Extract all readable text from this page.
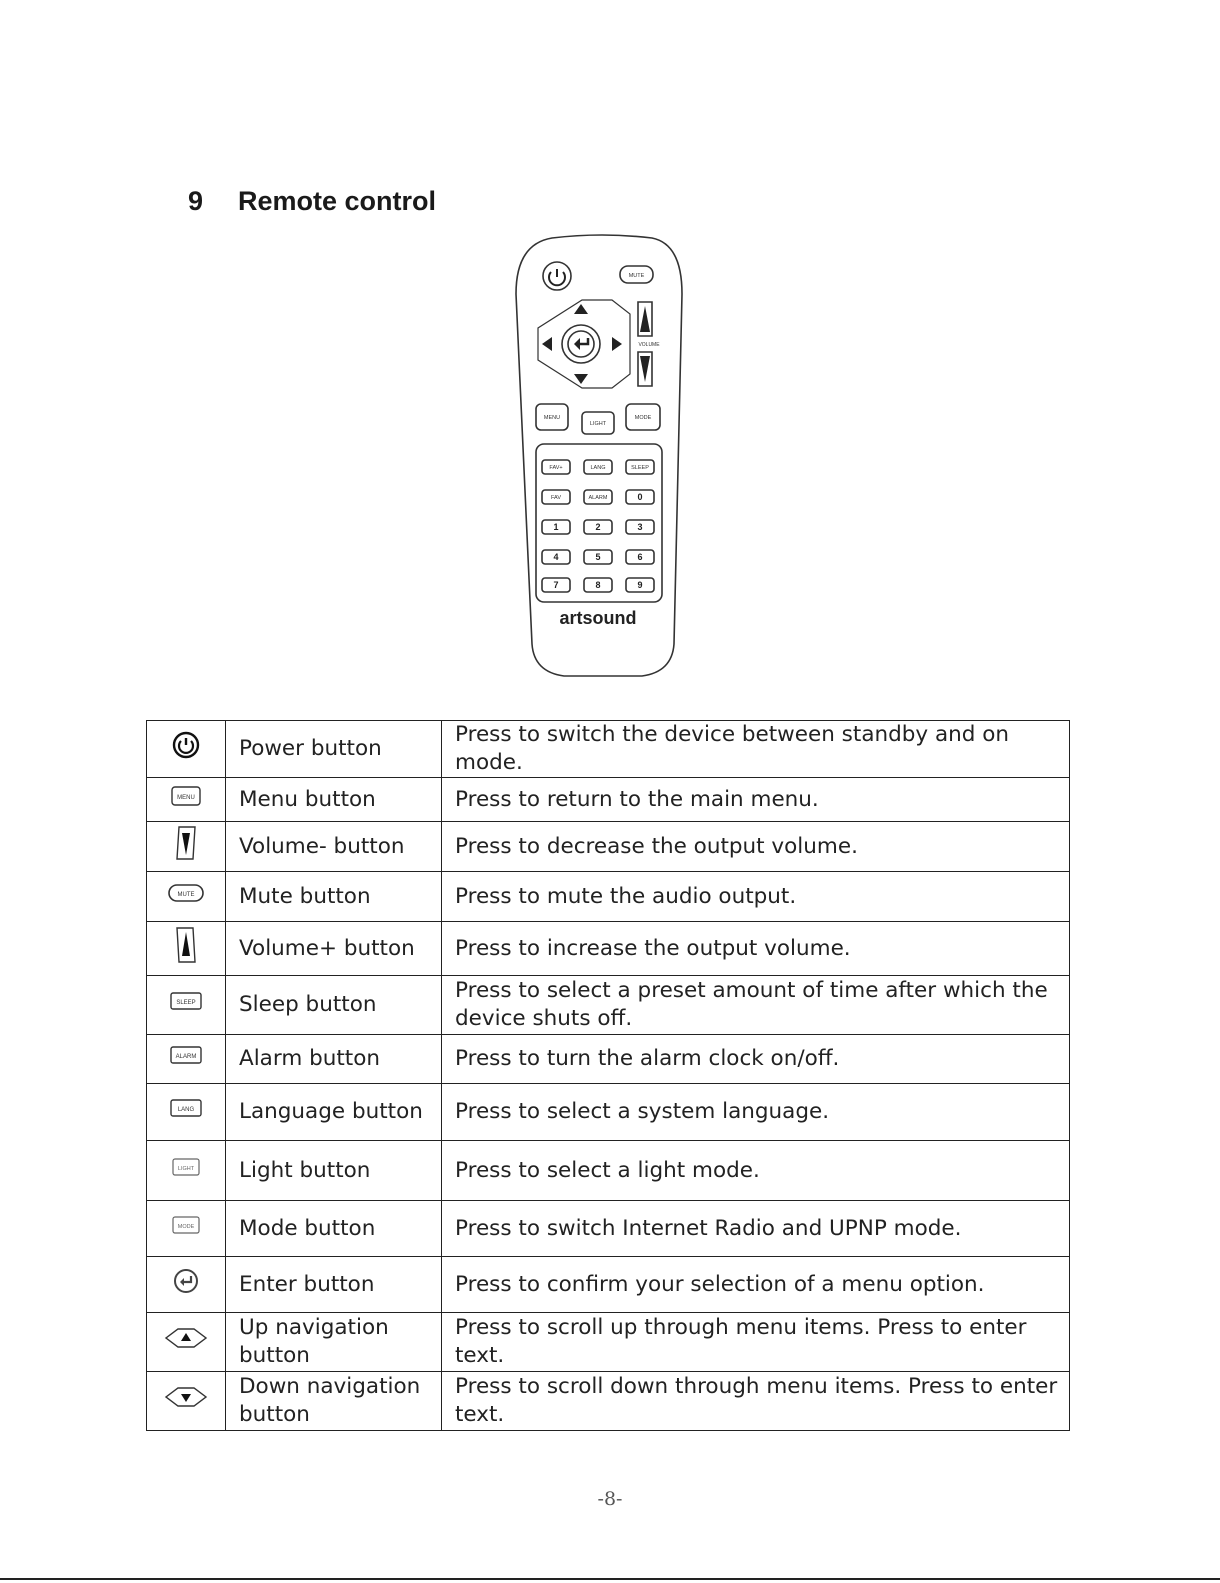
9 Remote control
MUTE
VOLUME
MENU
LIGHT
MODE
FAV+	LANG	SLEEP
FAV	ALARM	0
1	2	3
4	5	6
7	8	9
artsound
	Power button	Press to switch the device between standby and on mode.

MENU	Menu button	Press to return to the main menu.
	Volume- button	Press to decrease the output volume.

MUTE	Mute button	Press to mute the audio output.
	Volume+ button	Press to increase the output volume.

SLEEP	Sleep button	Press to select a preset amount of time after which the device shuts off.

ALARM	Alarm button	Press to turn the alarm clock on/off.

LANG	Language button	Press to select a system language.

LIGHT	Light button	Press to select a light mode.

MODE	Mode button	Press to switch Internet Radio and UPNP mode.
	Enter button	Press to confirm your selection of a menu option.
	Up navigation button	Press to scroll up through menu items. Press to enter text.
	Down navigation button	Press to scroll down through menu items. Press to enter text.
-8-
